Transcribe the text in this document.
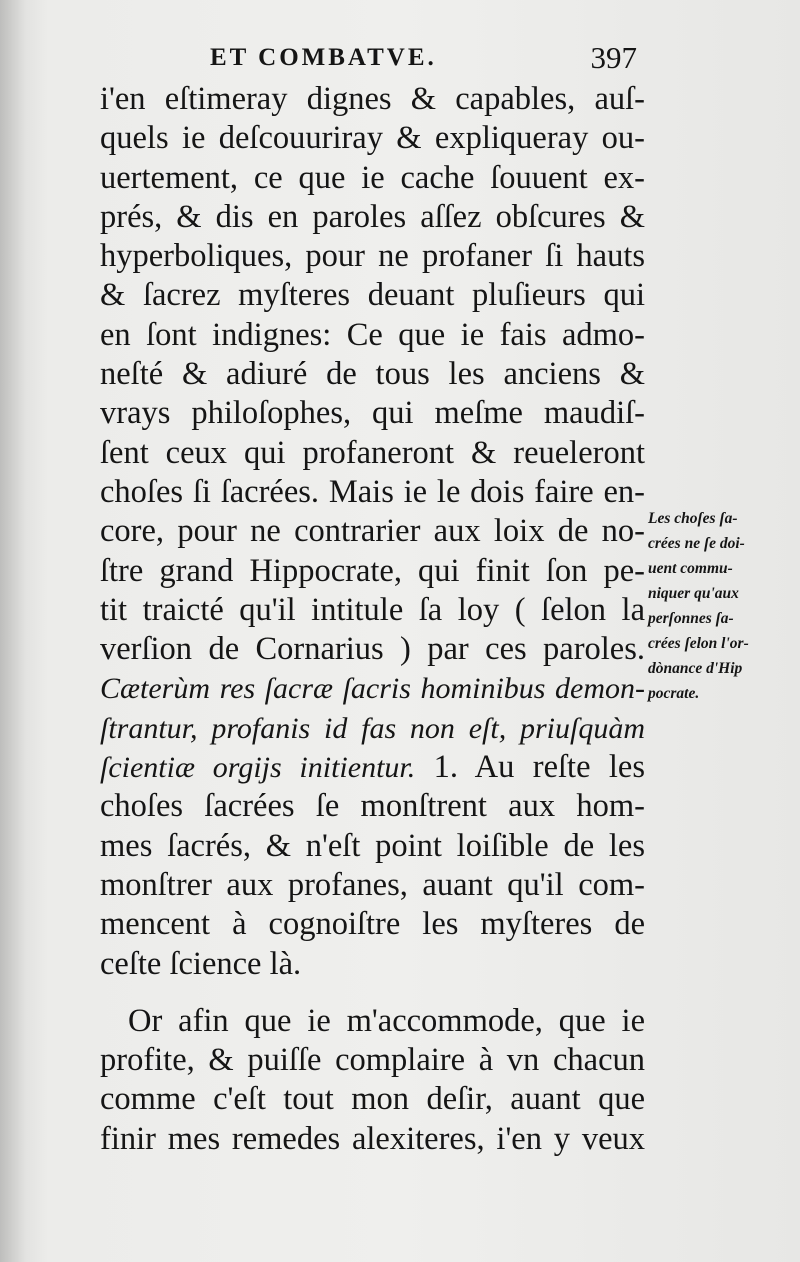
ET COMBATVE.	397
i'en eſtimeray dignes & capables, auſ-
quels ie deſcouuriray & expliqueray ou-
uertement, ce que ie cache ſouuent ex-
prés, & dis en paroles aſſez obſcures &
hyperboliques, pour ne profaner ſi hauts
& ſacrez myſteres deuant pluſieurs qui
en ſont indignes: Ce que ie fais admo-
neſté & adiuré de tous les anciens &
vrays philoſophes, qui meſme maudiſ-
ſent ceux qui profaneront & reueleront
choſes ſi ſacrées. Mais ie le dois faire en-
core, pour ne contrarier aux loix de no-
ſtre grand Hippocrate, qui finit ſon pe-
tit traicté qu'il intitule ſa loy ( ſelon la
verſion de Cornarius ) par ces paroles.
Cæterùm res ſacræ ſacris hominibus demon-
ſtrantur, profanis id fas non eſt, priuſquàm
ſcientiæ orgijs initientur. 1. Au reſte les
choſes ſacrées ſe monſtrent aux hom-
mes ſacrés, & n'eſt point loiſible de les
monſtrer aux profanes, auant qu'il com-
mencent à cognoiſtre les myſteres de
ceſte ſcience là.
Or afin que ie m'accommode, que ie
profite, & puiſſe complaire à vn chacun
comme c'eſt tout mon deſir, auant que
finir mes remedes alexiteres, i'en y veux
Les choſes ſa-
crées ne ſe doi-
uent commu-
niquer qu'aux
perſonnes ſa-
crées ſelon l'or-
dònance d'Hip
pocrate.
